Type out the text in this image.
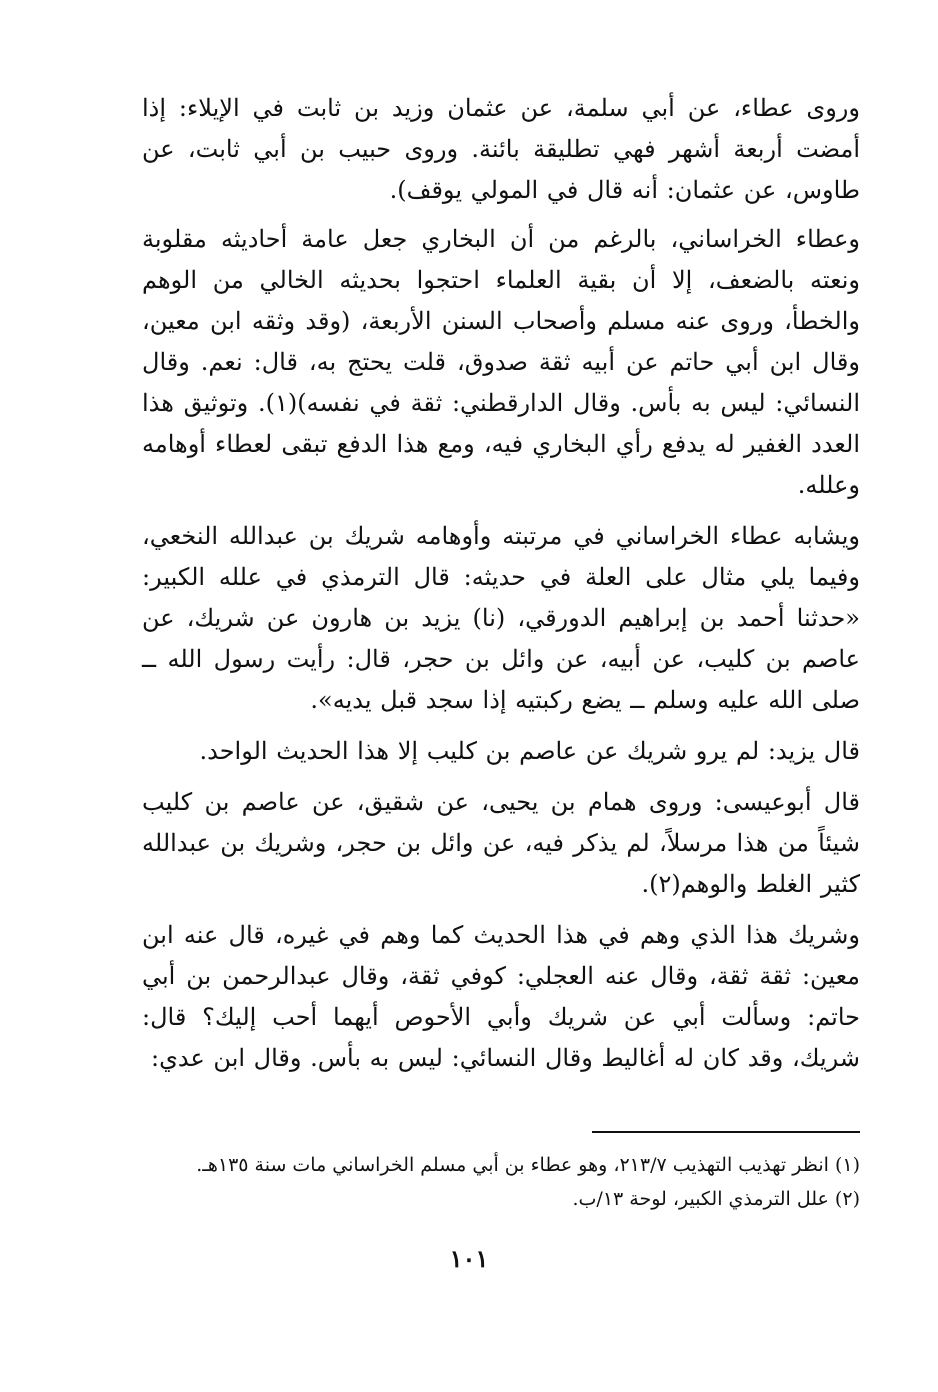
وروى عطاء، عن أبي سلمة، عن عثمان وزيد بن ثابت في الإيلاء: إذا أمضت أربعة أشهر فهي تطليقة بائنة. وروى حبيب بن أبي ثابت، عن طاوس، عن عثمان: أنه قال في المولي يوقف).

وعطاء الخراساني، بالرغم من أن البخاري جعل عامة أحاديثه مقلوبة ونعته بالضعف، إلا أن بقية العلماء احتجوا بحديثه الخالي من الوهم والخطأ، وروى عنه مسلم وأصحاب السنن الأربعة، (وقد وثقه ابن معين، وقال ابن أبي حاتم عن أبيه ثقة صدوق، قلت يحتج به، قال: نعم. وقال النسائي: ليس به بأس. وقال الدارقطني: ثقة في نفسه)(١). وتوثيق هذا العدد الغفير له يدفع رأي البخاري فيه، ومع هذا الدفع تبقى لعطاء أوهامه وعلله.

ويشابه عطاء الخراساني في مرتبته وأوهامه شريك بن عبدالله النخعي، وفيما يلي مثال على العلة في حديثه: قال الترمذي في علله الكبير: «حدثنا أحمد بن إبراهيم الدورقي، (نا) يزيد بن هارون عن شريك، عن عاصم بن كليب، عن أبيه، عن وائل بن حجر، قال: رأيت رسول الله ــ صلى الله عليه وسلم ــ يضع ركبتيه إذا سجد قبل يديه».

قال يزيد: لم يرو شريك عن عاصم بن كليب إلا هذا الحديث الواحد.

قال أبوعيسى: وروى همام بن يحيى، عن شقيق، عن عاصم بن كليب شيئاً من هذا مرسلاً، لم يذكر فيه، عن وائل بن حجر، وشريك بن عبدالله كثير الغلط والوهم(٢).

وشريك هذا الذي وهم في هذا الحديث كما وهم في غيره، قال عنه ابن معين: ثقة ثقة، وقال عنه العجلي: كوفي ثقة، وقال عبدالرحمن بن أبي حاتم: وسألت أبي عن شريك وأبي الأحوص أيهما أحب إليك؟ قال: شريك، وقد كان له أغاليط وقال النسائي: ليس به بأس. وقال ابن عدي:

(١) انظر تهذيب التهذيب ٢١٣/٧، وهو عطاء بن أبي مسلم الخراساني مات سنة ١٣٥هـ.

(٢) علل الترمذي الكبير، لوحة ١٣/ب.

١٠١
